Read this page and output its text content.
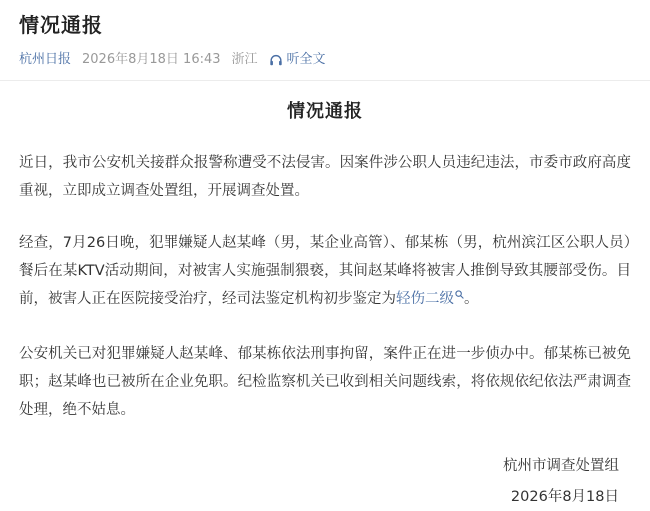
情况通报
杭州日报 2026年8月18日 16:43 浙江 听全文
情况通报
近日，我市公安机关接群众报警称遭受不法侵害。因案件涉公职人员违纪违法，市委市政府高度重视，立即成立调查处置组，开展调查处置。
经查，7月26日晚，犯罪嫌疑人赵某峰（男，某企业高管）、郁某栋（男，杭州滨江区公职人员）餐后在某KTV活动期间，对被害人实施强制猥亵，其间赵某峰将被害人推倒导致其腰部受伤。目前，被害人正在医院接受治疗，经司法鉴定机构初步鉴定为轻伤二级 。
公安机关已对犯罪嫌疑人赵某峰、郁某栋依法刑事拘留，案件正在进一步侦办中。郁某栋已被免职；赵某峰也已被所在企业免职。纪检监察机关已收到相关问题线索，将依规依纪依法严肃调查处理，绝不姑息。
杭州市调查处置组
2026年8月18日
